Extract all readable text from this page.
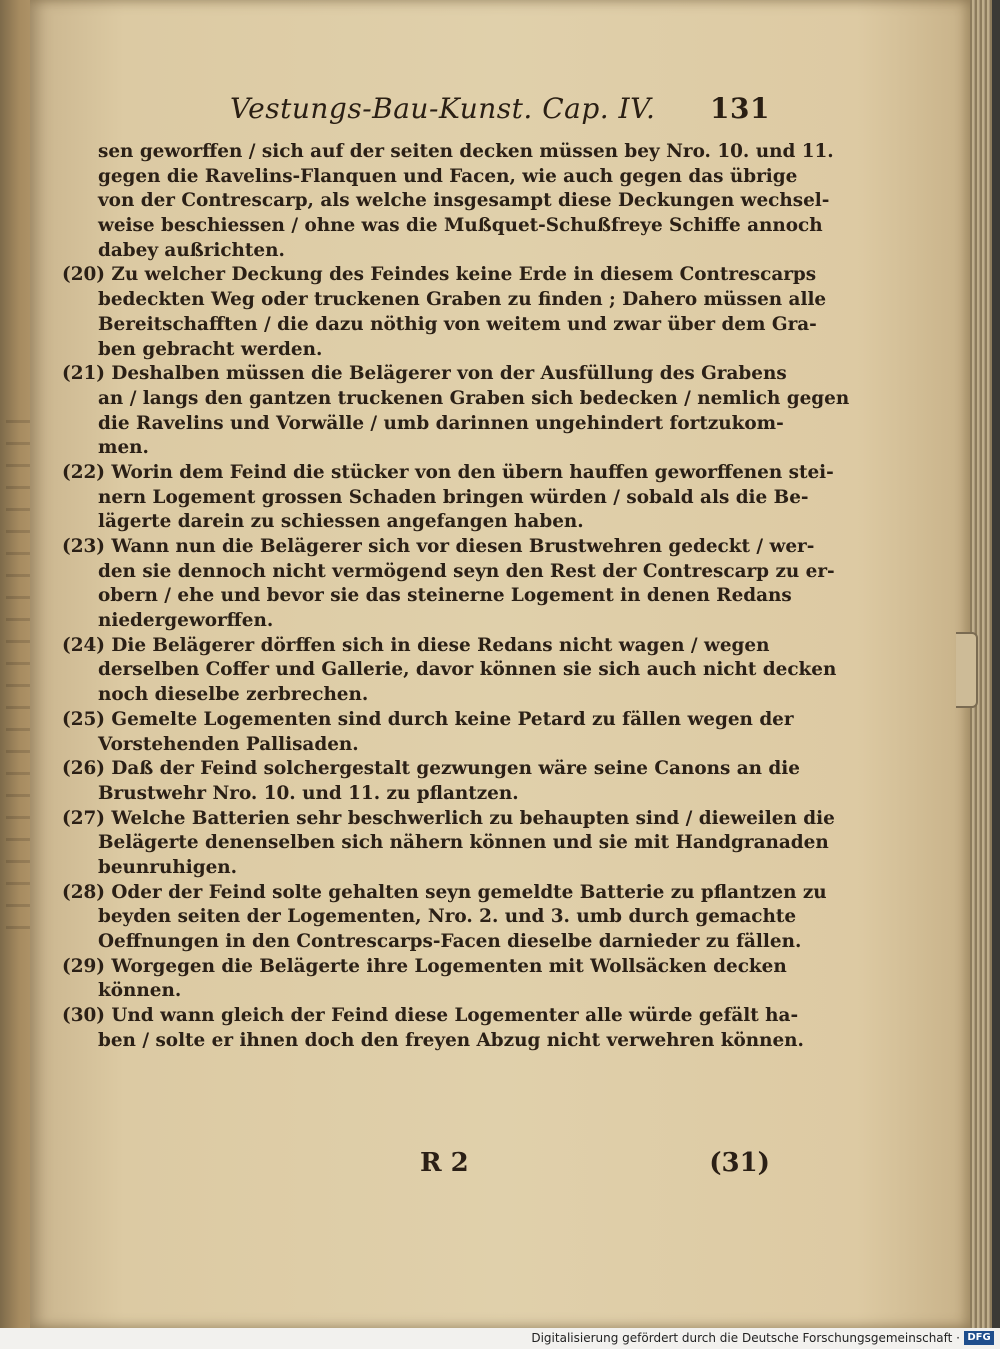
Vestungs-Bau-Kunst. Cap. IV. 131
sen geworffen / sich auf der seiten decken müssen bey Nro. 10. und 11.
gegen die Ravelins-Flanquen und Facen, wie auch gegen das übrige
von der Contrescarp, als welche insgesampt diese Deckungen wechsel-
weise beschiessen / ohne was die Mußquet-Schußfreye Schiffe annoch
dabey außrichten.
(20) Zu welcher Deckung des Feindes keine Erde in diesem Contrescarps
bedeckten Weg oder truckenen Graben zu finden ; Dahero müssen alle
Bereitschafften / die dazu nöthig von weitem und zwar über dem Gra-
ben gebracht werden.
(21) Deshalben müssen die Belägerer von der Ausfüllung des Grabens
an / langs den gantzen truckenen Graben sich bedecken / nemlich gegen
die Ravelins und Vorwälle / umb darinnen ungehindert fortzukom-
men.
(22) Worin dem Feind die stücker von den übern hauffen geworffenen stei-
nern Logement grossen Schaden bringen würden / sobald als die Be-
lägerte darein zu schiessen angefangen haben.
(23) Wann nun die Belägerer sich vor diesen Brustwehren gedeckt / wer-
den sie dennoch nicht vermögend seyn den Rest der Contrescarp zu er-
obern / ehe und bevor sie das steinerne Logement in denen Redans
niedergeworffen.
(24) Die Belägerer dörffen sich in diese Redans nicht wagen / wegen
derselben Coffer und Gallerie, davor können sie sich auch nicht decken
noch dieselbe zerbrechen.
(25) Gemelte Logementen sind durch keine Petard zu fällen wegen der
Vorstehenden Pallisaden.
(26) Daß der Feind solchergestalt gezwungen wäre seine Canons an die
Brustwehr Nro. 10. und 11. zu pflantzen.
(27) Welche Batterien sehr beschwerlich zu behaupten sind / dieweilen die
Belägerte denenselben sich nähern können und sie mit Handgranaden
beunruhigen.
(28) Oder der Feind solte gehalten seyn gemeldte Batterie zu pflantzen zu
beyden seiten der Logementen, Nro. 2. und 3. umb durch gemachte
Oeffnungen in den Contrescarps-Facen dieselbe darnieder zu fällen.
(29) Worgegen die Belägerte ihre Logementen mit Wollsäcken decken
können.
(30) Und wann gleich der Feind diese Logementer alle würde gefält ha-
ben / solte er ihnen doch den freyen Abzug nicht verwehren können.
R 2	(31)
Digitalisierung gefördert durch die Deutsche Forschungsgemeinschaft · DFG
